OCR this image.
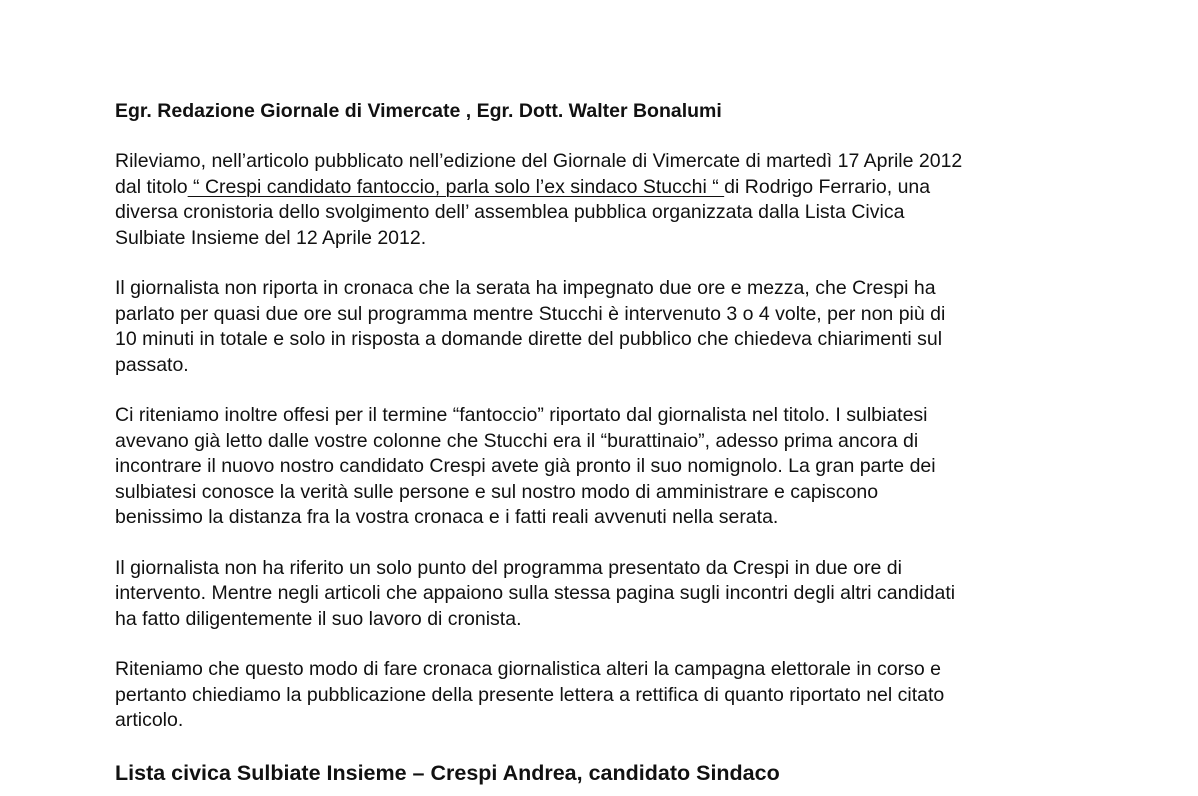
Egr. Redazione Giornale di Vimercate , Egr. Dott. Walter Bonalumi

Rileviamo, nell’articolo pubblicato nell’edizione del Giornale di Vimercate di martedì 17 Aprile 2012
dal titolo “ Crespi candidato fantoccio, parla solo l’ex sindaco Stucchi “ di Rodrigo Ferrario, una
diversa cronistoria dello svolgimento dell’ assemblea pubblica organizzata dalla Lista Civica
Sulbiate Insieme del 12 Aprile 2012.

Il giornalista non riporta in cronaca che la serata ha impegnato due ore e mezza, che Crespi ha
parlato per quasi due ore sul programma mentre Stucchi è intervenuto 3 o 4 volte, per non più di
10 minuti in totale e solo in risposta a domande dirette del pubblico che chiedeva chiarimenti sul
passato.

Ci riteniamo inoltre offesi per il termine “fantoccio” riportato dal giornalista nel titolo. I sulbiatesi
avevano già letto dalle vostre colonne che Stucchi era il “burattinaio”, adesso prima ancora di
incontrare il nuovo nostro candidato Crespi avete già pronto il suo nomignolo. La gran parte dei
sulbiatesi conosce la verità sulle persone e sul nostro modo di amministrare e capiscono
benissimo la distanza fra la vostra cronaca e i fatti reali avvenuti nella serata.

Il giornalista non ha riferito un solo punto del programma presentato da Crespi in due ore di
intervento. Mentre negli articoli che appaiono sulla stessa pagina sugli incontri degli altri candidati
ha fatto diligentemente il suo lavoro di cronista.

Riteniamo che questo modo di fare cronaca giornalistica alteri la campagna elettorale in corso e
pertanto chiediamo la pubblicazione della presente lettera a rettifica di quanto riportato nel citato
articolo.

Lista civica Sulbiate Insieme – Crespi Andrea, candidato Sindaco
